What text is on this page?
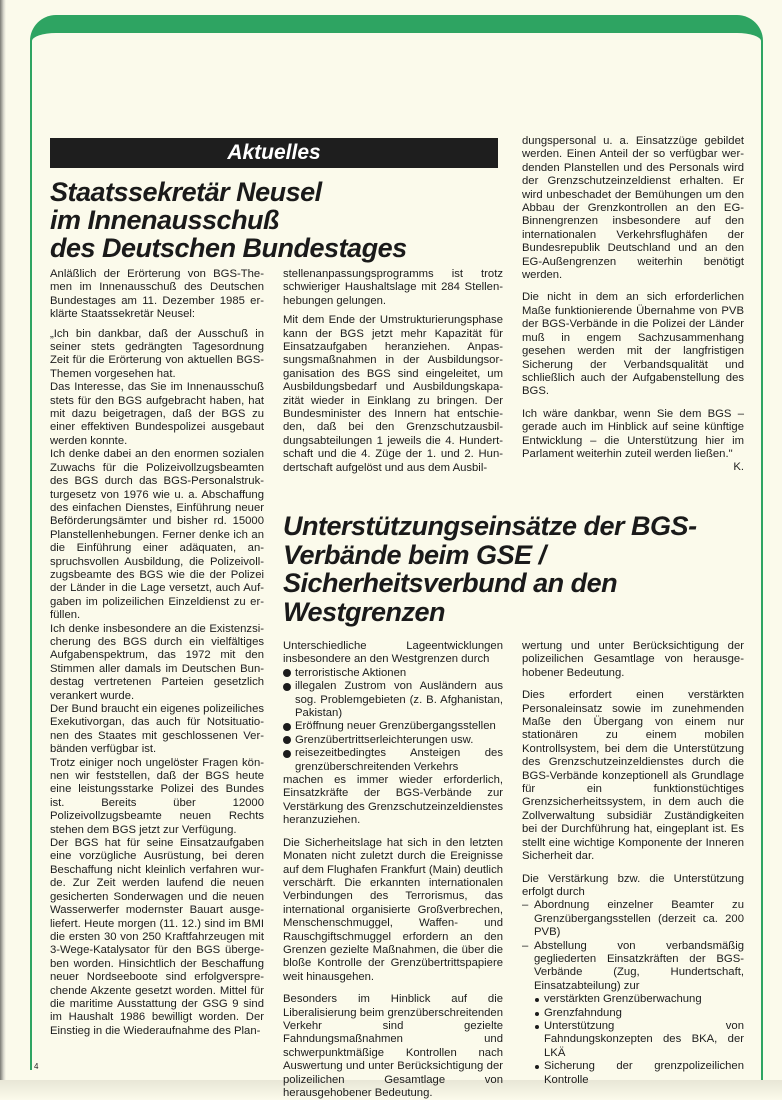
Aktuelles
Staatssekretär Neusel
im Innenausschuß
des Deutschen Bundestages

Anläßlich der Erörterung von BGS-Themen im Innenausschuß des Deutschen Bundestages am 11. Dezember 1985 erklärte Staatssekretär Neusel:

„Ich bin dankbar, daß der Ausschuß in seiner stets gedrängten Tagesordnung Zeit für die Erörterung von aktuellen BGS-Themen vorgesehen hat.

Das Interesse, das Sie im Innenausschuß stets für den BGS aufgebracht haben, hat mit dazu beigetragen, daß der BGS zu einer effektiven Bundespolizei ausgebaut werden konnte.

Ich denke dabei an den enormen sozialen Zuwachs für die Polizeivollzugsbeamten des BGS durch das BGS-Personalstrukturgesetz von 1976 wie u. a. Abschaffung des einfachen Dienstes, Einführung neuer Beförderungsämter und bisher rd. 15000 Planstellenhebungen. Ferner denke ich an die Einführung einer adäquaten, anspruchsvollen Ausbildung, die Polizeivollzugsbeamte des BGS wie die der Polizei der Länder in die Lage versetzt, auch Aufgaben im polizeilichen Einzeldienst zu erfüllen.

Ich denke insbesondere an die Existenzsicherung des BGS durch ein vielfältiges Aufgabenspektrum, das 1972 mit den Stimmen aller damals im Deutschen Bundestag vertretenen Parteien gesetzlich verankert wurde.

Der Bund braucht ein eigenes polizeiliches Exekutivorgan, das auch für Notsituationen des Staates mit geschlossenen Verbänden verfügbar ist.

Trotz einiger noch ungelöster Fragen können wir feststellen, daß der BGS heute eine leistungsstarke Polizei des Bundes ist. Bereits über 12000 Polizeivollzugsbeamte neuen Rechts stehen dem BGS jetzt zur Verfügung.

Der BGS hat für seine Einsatzaufgaben eine vorzügliche Ausrüstung, bei deren Beschaffung nicht kleinlich verfahren wurde. Zur Zeit werden laufend die neuen gesicherten Sonderwagen und die neuen Wasserwerfer modernster Bauart ausgeliefert. Heute morgen (11. 12.) sind im BMI die ersten 30 von 250 Kraftfahrzeugen mit 3-Wege-Katalysator für den BGS übergeben worden. Hinsichtlich der Beschaffung neuer Nordseeboote sind erfolgversprechende Akzente gesetzt worden. Mittel für die maritime Ausstattung der GSG 9 sind im Haushalt 1986 bewilligt worden. Der Einstieg in die Wiederaufnahme des Plan-

stellenanpassungsprogramms ist trotz schwieriger Haushaltslage mit 284 Stellenhebungen gelungen.

Mit dem Ende der Umstrukturierungsphase kann der BGS jetzt mehr Kapazität für Einsatzaufgaben heranziehen. Anpassungsmaßnahmen in der Ausbildungsorganisation des BGS sind eingeleitet, um Ausbildungsbedarf und Ausbildungskapazität wieder in Einklang zu bringen. Der Bundesminister des Innern hat entschieden, daß bei den Grenzschutzausbildungsabteilungen 1 jeweils die 4. Hundertschaft und die 4. Züge der 1. und 2. Hundertschaft aufgelöst und aus dem Ausbil-

dungspersonal u. a. Einsatzzüge gebildet werden. Einen Anteil der so verfügbar werdenden Planstellen und des Personals wird der Grenzschutzeinzeldienst erhalten. Er wird unbeschadet der Bemühungen um den Abbau der Grenzkontrollen an den EG-Binnengrenzen insbesondere auf den internationalen Verkehrsflughäfen der Bundesrepublik Deutschland und an den EG-Außengrenzen weiterhin benötigt werden.

Die nicht in dem an sich erforderlichen Maße funktionierende Übernahme von PVB der BGS-Verbände in die Polizei der Länder muß in engem Sachzusammenhang gesehen werden mit der langfristigen Sicherung der Verbandsqualität und schließlich auch der Aufgabenstellung des BGS.

Ich wäre dankbar, wenn Sie dem BGS – gerade auch im Hinblick auf seine künftige Entwicklung – die Unterstützung hier im Parlament weiterhin zuteil werden ließen."

K.
Unterstützungseinsätze der BGS-
Verbände beim GSE /
Sicherheitsverbund an den
Westgrenzen

Unterschiedliche Lageentwicklungen insbesondere an den Westgrenzen durch

terroristische Aktionen
illegalen Zustrom von Ausländern aus sog. Problemgebieten (z. B. Afghanistan, Pakistan)
Eröffnung neuer Grenzübergangsstellen
Grenzübertrittserleichterungen usw.
reisezeitbedingtes Ansteigen des grenzüberschreitenden Verkehrs

machen es immer wieder erforderlich, Einsatzkräfte der BGS-Verbände zur Verstärkung des Grenzschutzeinzeldienstes heranzuziehen.

Die Sicherheitslage hat sich in den letzten Monaten nicht zuletzt durch die Ereignisse auf dem Flughafen Frankfurt (Main) deutlich verschärft. Die erkannten internationalen Verbindungen des Terrorismus, das international organisierte Großverbrechen, Menschenschmuggel, Waffen- und Rauschgiftschmuggel erfordern an den Grenzen gezielte Maßnahmen, die über die bloße Kontrolle der Grenzübertrittspapiere weit hinausgehen.

Besonders im Hinblick auf die Liberalisierung beim grenzüberschreitenden Verkehr sind gezielte Fahndungsmaßnahmen und schwerpunktmäßige Kontrollen nach Auswertung und unter Berücksichtigung der polizeilichen Gesamtlage von herausgehobener Bedeutung.

wertung und unter Berücksichtigung der polizeilichen Gesamtlage von herausgehobener Bedeutung.

Dies erfordert einen verstärkten Personaleinsatz sowie im zunehmenden Maße den Übergang von einem nur stationären zu einem mobilen Kontrollsystem, bei dem die Unterstützung des Grenzschutzeinzeldienstes durch die BGS-Verbände konzeptionell als Grundlage für ein funktionstüchtiges Grenzsicherheitssystem, in dem auch die Zollverwaltung subsidiär Zuständigkeiten bei der Durchführung hat, eingeplant ist. Es stellt eine wichtige Komponente der Inneren Sicherheit dar.

Die Verstärkung bzw. die Unterstützung erfolgt durch

– Abordnung einzelner Beamter zu Grenzübergangsstellen (derzeit ca. 200 PVB)
– Abstellung von verbandsmäßig gegliederten Einsatzkräften der BGS-Verbände (Zug, Hundertschaft, Einsatzabteilung) zur
verstärkten Grenzüberwachung
Grenzfahndung
Unterstützung von Fahndungskonzepten des BKA, der LKÄ
Sicherung der grenzpolizeilichen Kontrolle
4
